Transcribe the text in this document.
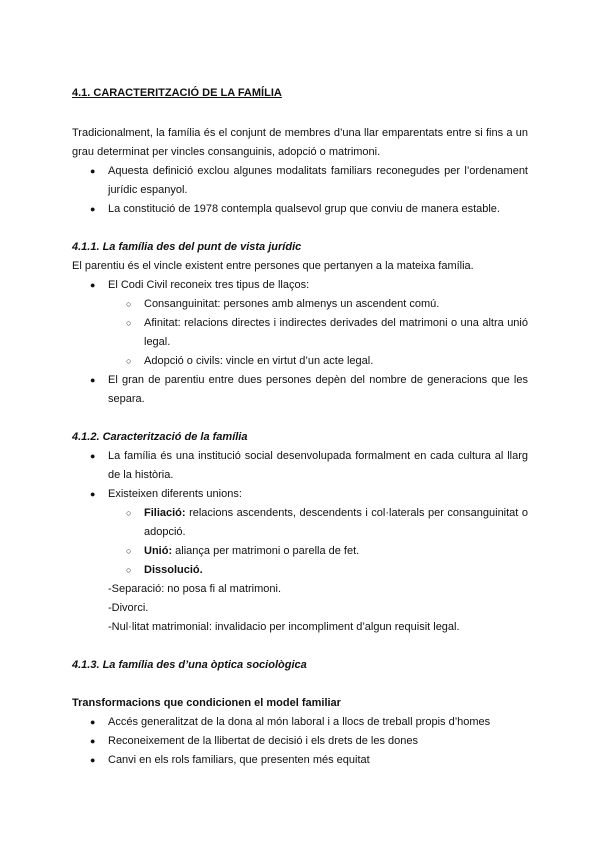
4.1. CARACTERITZACIÓ DE LA FAMÍLIA
Tradicionalment, la família és el conjunt de membres d’una llar emparentats entre si fins a un grau determinat per vincles consanguinis, adopció o matrimoni.
● Aquesta definició exclou algunes modalitats familiars reconegudes per l’ordenament jurídic espanyol.
● La constitució de 1978 contempla qualsevol grup que conviu de manera estable.
4.1.1. La família des del punt de vista jurídic
El parentiu és el vincle existent entre persones que pertanyen a la mateixa família.
● El Codi Civil reconeix tres tipus de llaços:
○ Consanguinitat: persones amb almenys un ascendent comú.
○ Afinitat: relacions directes i indirectes derivades del matrimoni o una altra unió legal.
○ Adopció o civils: vincle en virtut d’un acte legal.
● El gran de parentiu entre dues persones depèn del nombre de generacions que les separa.
4.1.2. Caracterització de la família
● La família és una institució social desenvolupada formalment en cada cultura al llarg de la història.
● Existeixen diferents unions:
○ Filiació: relacions ascendents, descendents i col·laterals per consanguinitat o adopció.
○ Unió: aliança per matrimoni o parella de fet.
○ Dissolució.
-Separació: no posa fi al matrimoni.
-Divorci.
-Nul·litat matrimonial: invalidacio per incompliment d’algun requisit legal.
4.1.3. La família des d’una òptica sociològica
Transformacions que condicionen el model familiar
● Accés generalitzat de la dona al món laboral i a llocs de treball propis d’homes
● Reconeixement de la llibertat de decisió i els drets de les dones
● Canvi en els rols familiars, que presenten més equitat
